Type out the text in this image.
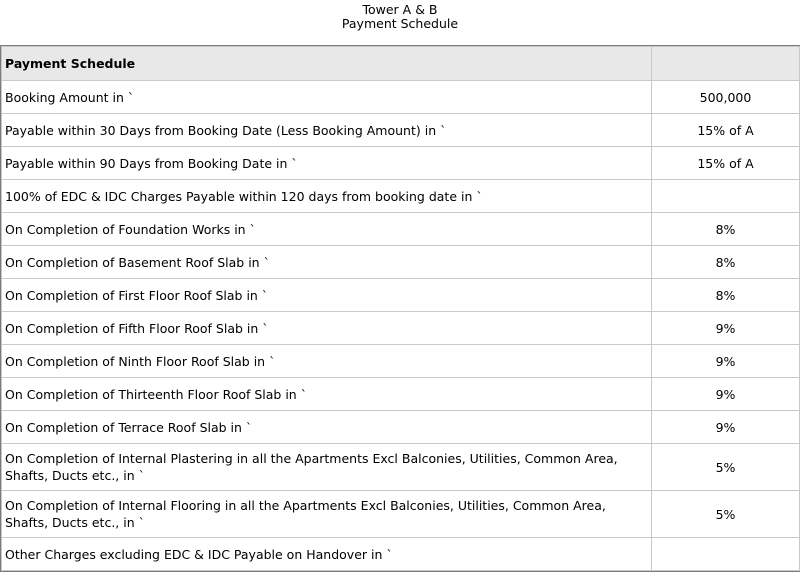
Tower A & B
Payment Schedule
Payment Schedule	
Booking Amount in `	500,000
Payable within 30 Days from Booking Date (Less Booking Amount) in `	15% of A
Payable within 90 Days from Booking Date in `	15% of A
100% of EDC & IDC Charges Payable within 120 days from booking date in `	
On Completion of Foundation Works in `	8%
On Completion of Basement Roof Slab in `	8%
On Completion of First Floor Roof Slab in `	8%
On Completion of Fifth Floor Roof Slab in `	9%
On Completion of Ninth Floor Roof Slab in `	9%
On Completion of Thirteenth Floor Roof Slab in `	9%
On Completion of Terrace Roof Slab in `	9%
On Completion of Internal Plastering in all the Apartments Excl Balconies, Utilities, Common Area, Shafts, Ducts etc., in `	5%
On Completion of Internal Flooring in all the Apartments Excl Balconies, Utilities, Common Area, Shafts, Ducts etc., in `	5%
Other Charges excluding EDC & IDC Payable on Handover in `	
